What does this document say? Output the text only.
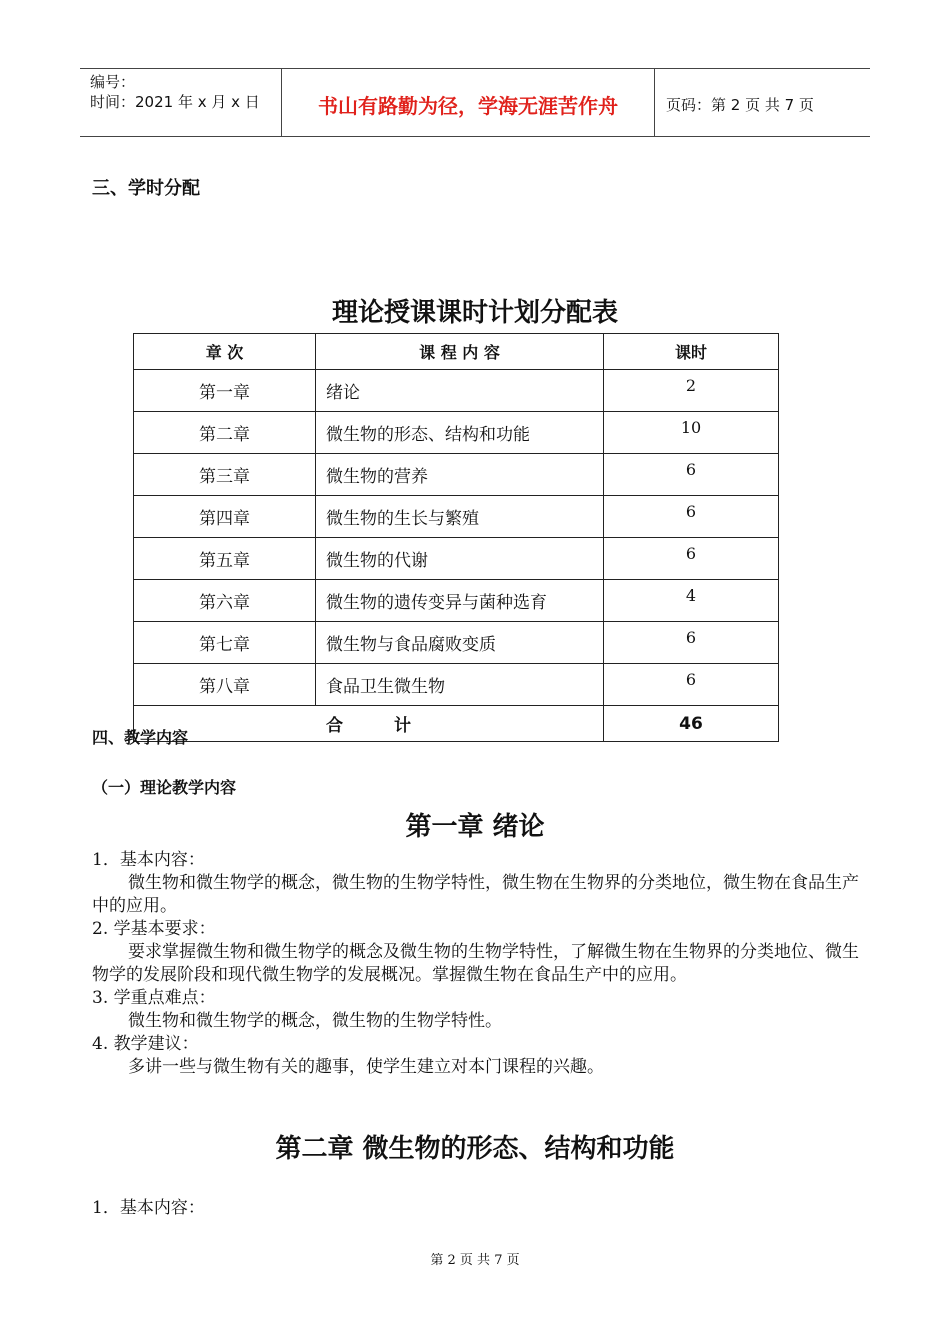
编号：
时间：2021 年 x 月 x 日	书山有路勤为径，学海无涯苦作舟	页码：第 2 页 共 7 页
三、学时分配
理论授课课时计划分配表
章 次	课 程 内 容	课时
第一章	绪论	2
第二章	微生物的形态、结构和功能	10
第三章	微生物的营养	6
第四章	微生物的生长与繁殖	6
第五章	微生物的代谢	6
第六章	微生物的遗传变异与菌种选育	4
第七章	微生物与食品腐败变质	6
第八章	食品卫生微生物	6
合　　　计		46
四、教学内容
（一）理论教学内容
第一章 绪论
1．基本内容：
微生物和微生物学的概念，微生物的生物学特性，微生物在生物界的分类地位，微生物在食品生产中的应用。
2. 学基本要求：
要求掌握微生物和微生物学的概念及微生物的生物学特性，了解微生物在生物界的分类地位、微生物学的发展阶段和现代微生物学的发展概况。掌握微生物在食品生产中的应用。
3. 学重点难点：
微生物和微生物学的概念，微生物的生物学特性。
4. 教学建议：
多讲一些与微生物有关的趣事，使学生建立对本门课程的兴趣。
第二章 微生物的形态、结构和功能
1．基本内容：
第 2 页 共 7 页
